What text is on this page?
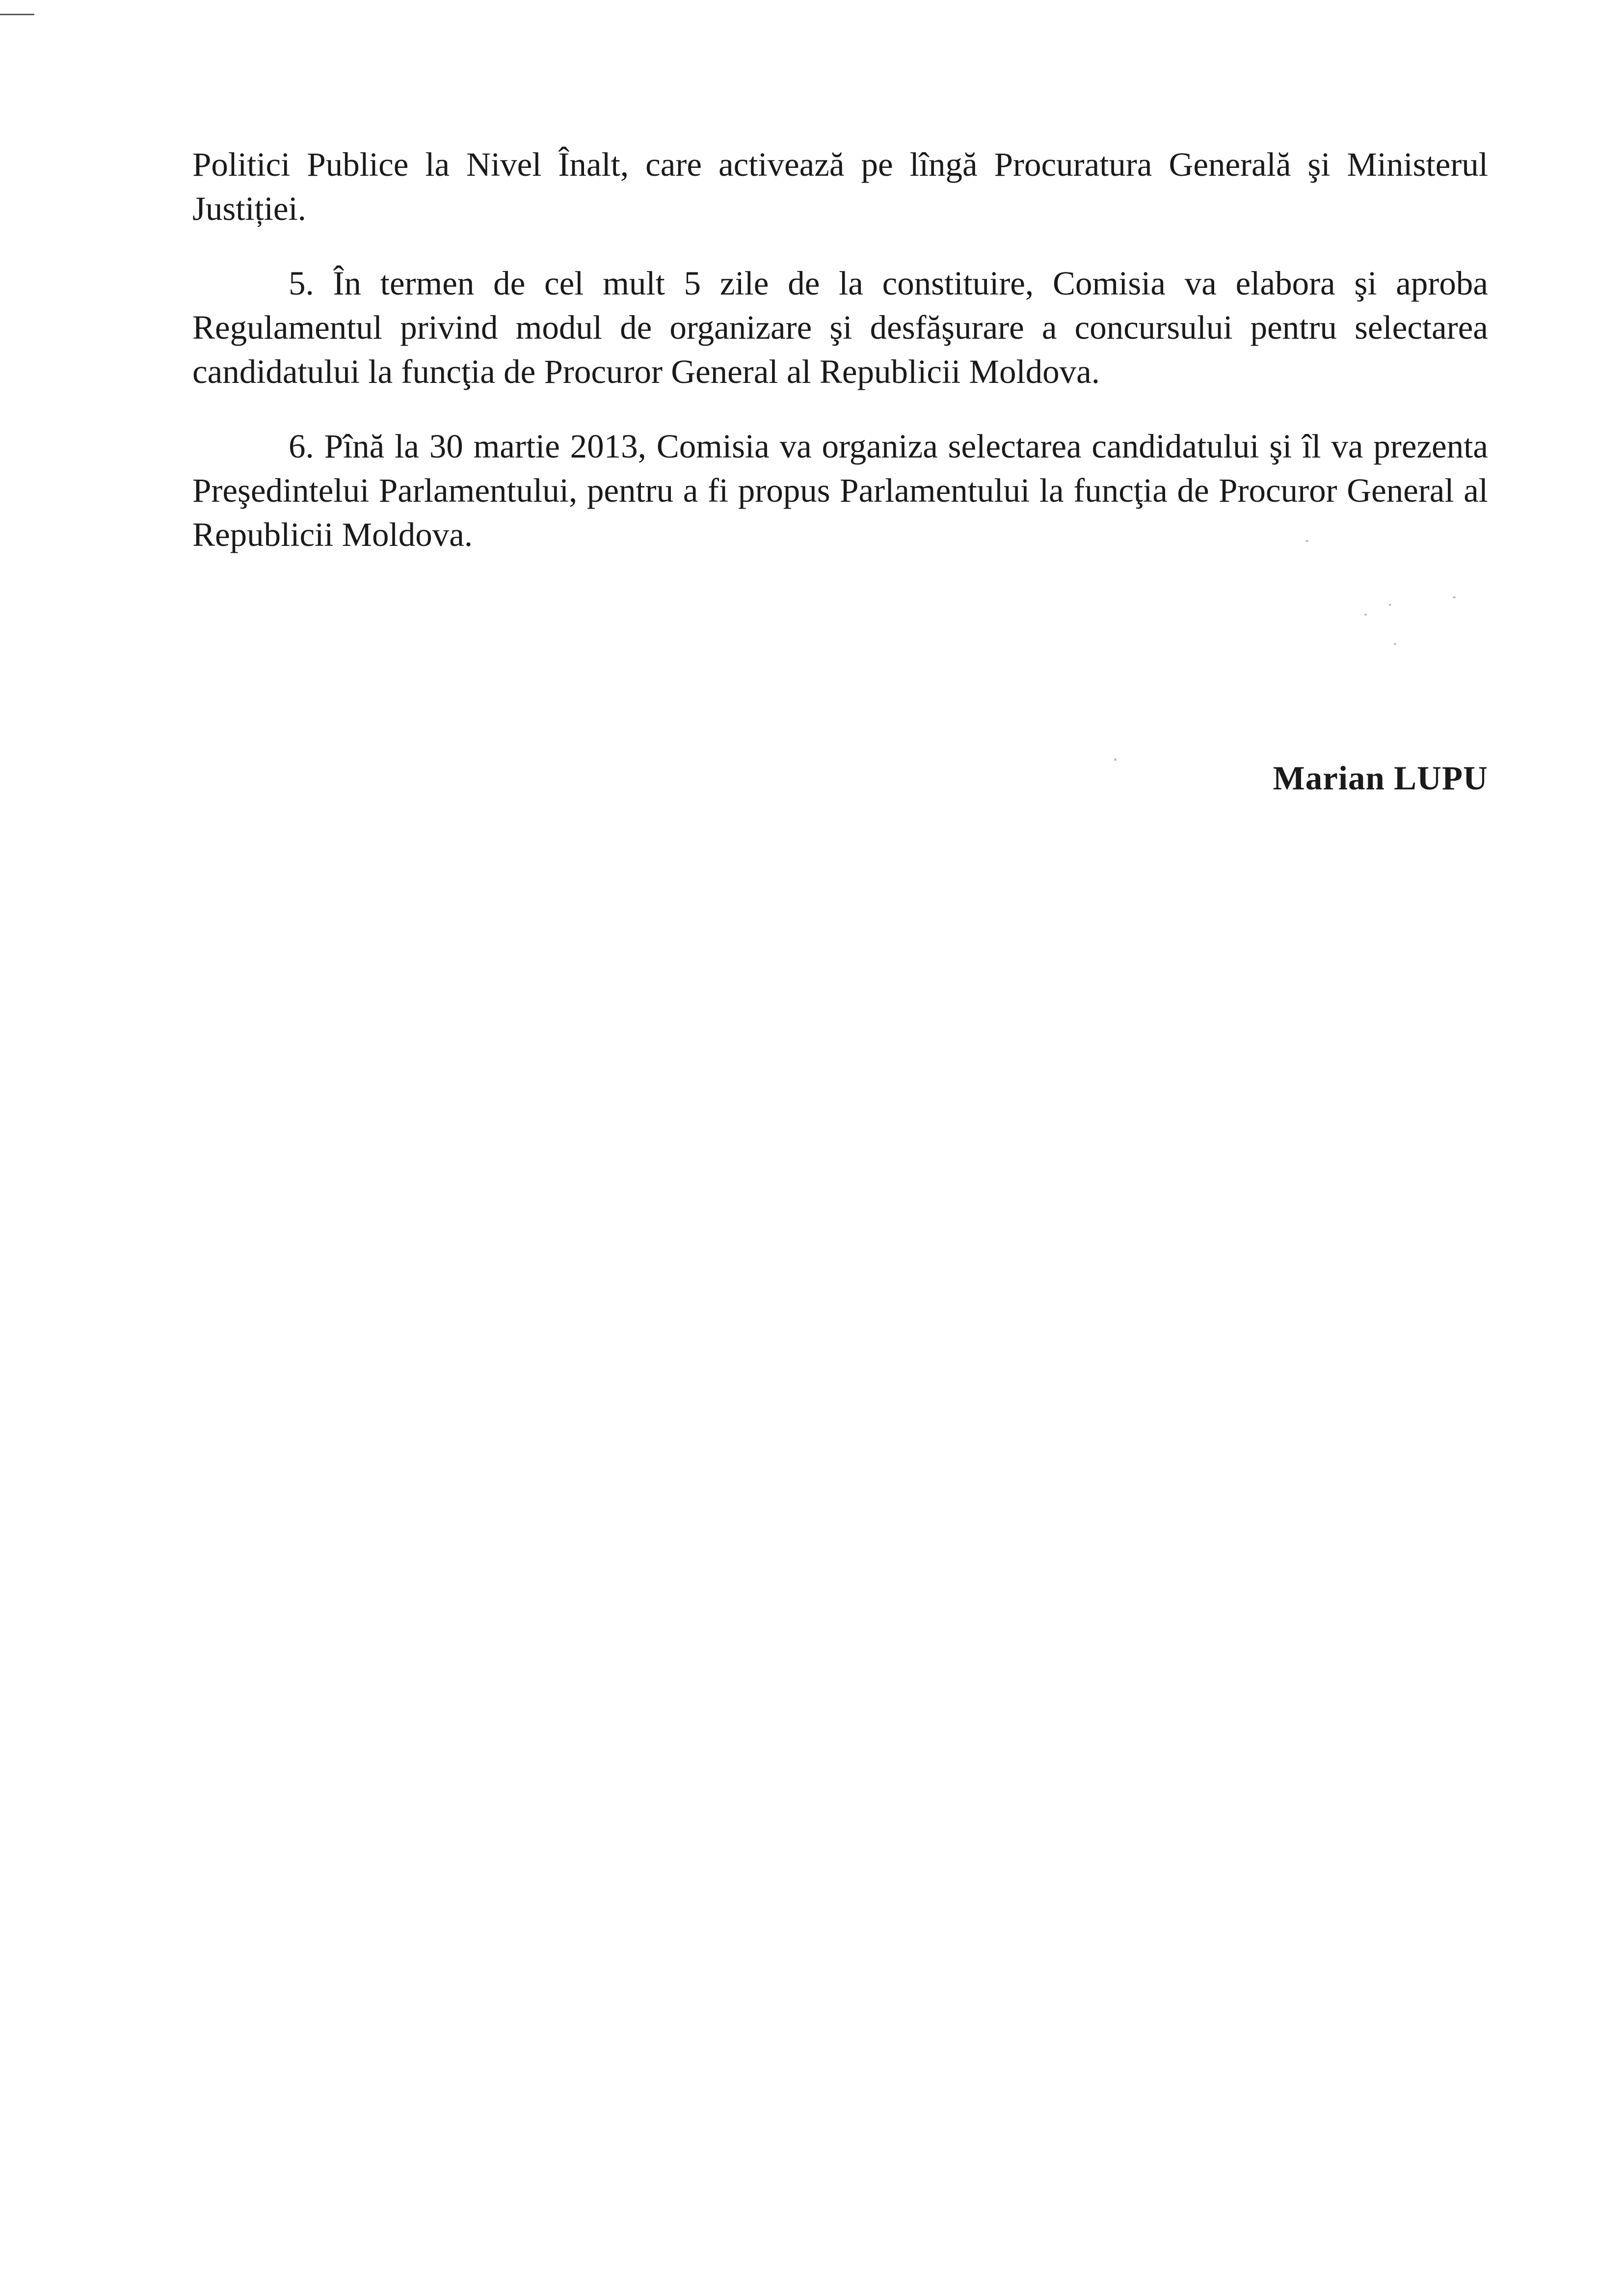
Politici Publice la Nivel Înalt, care activează pe lîngă Procuratura Generală şi Ministerul Justiției.

5. În termen de cel mult 5 zile de la constituire, Comisia va elabora şi aproba Regulamentul privind modul de organizare şi desfăşurare a concursului pentru selectarea candidatului la funcţia de Procuror General al Republicii Moldova.

6. Pînă la 30 martie 2013, Comisia va organiza selectarea candidatului şi îl va prezenta Preşedintelui Parlamentului, pentru a fi propus Parlamentului la funcţia de Procuror General al Republicii Moldova.

Marian LUPU
